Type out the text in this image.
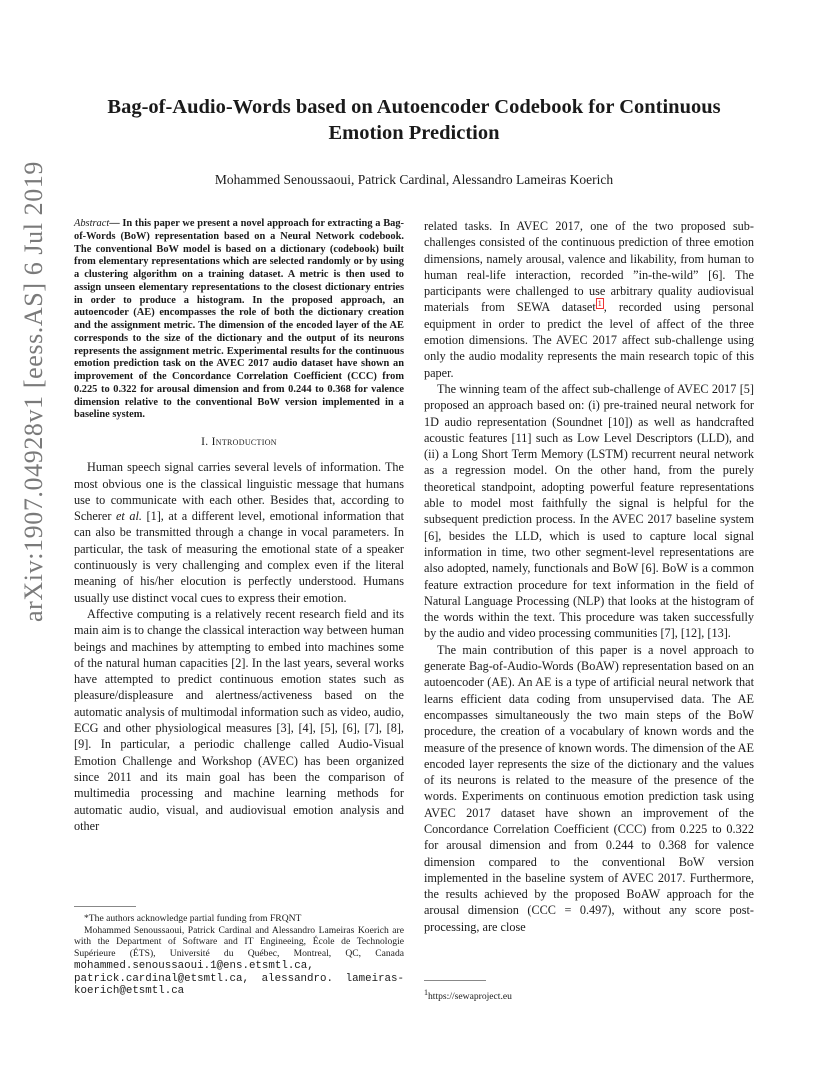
Bag-of-Audio-Words based on Autoencoder Codebook for Continuous
Emotion Prediction
Mohammed Senoussaoui, Patrick Cardinal, Alessandro Lameiras Koerich
arXiv:1907.04928v1 [eess.AS] 6 Jul 2019	Abstract— In this paper we present a novel approach for extracting a Bag-of-Words (BoW) representation based on a Neural Network codebook. The conventional BoW model is based on a dictionary (codebook) built from elementary representations which are selected randomly or by using a clustering algorithm on a training dataset. A metric is then used to assign unseen elementary representations to the closest dictionary entries in order to produce a histogram. In the proposed approach, an autoencoder (AE) encompasses the role of both the dictionary creation and the assignment metric. The dimension of the encoded layer of the AE corresponds to the size of the dictionary and the output of its neurons represents the assignment metric. Experimental results for the continuous emotion prediction task on the AVEC 2017 audio dataset have shown an improvement of the Concordance Correlation Coefficient (CCC) from 0.225 to 0.322 for arousal dimension and from 0.244 to 0.368 for valence dimension relative to the conventional BoW version implemented in a baseline system.
I. Introduction

Human speech signal carries several levels of information. The most obvious one is the classical linguistic message that humans use to communicate with each other. Besides that, according to Scherer et al. [1], at a different level, emotional information that can also be transmitted through a change in vocal parameters. In particular, the task of measuring the emotional state of a speaker continuously is very challenging and complex even if the literal meaning of his/her elocution is perfectly understood. Humans usually use distinct vocal cues to express their emotion.

Affective computing is a relatively recent research field and its main aim is to change the classical interaction way between human beings and machines by attempting to embed into machines some of the natural human capacities [2]. In the last years, several works have attempted to predict continuous emotion states such as pleasure/displeasure and alertness/activeness based on the automatic analysis of multimodal information such as video, audio, ECG and other physiological measures [3], [4], [5], [6], [7], [8], [9]. In particular, a periodic challenge called Audio-Visual Emotion Challenge and Workshop (AVEC) has been organized since 2011 and its main goal has been the comparison of multimedia processing and machine learning methods for automatic audio, visual, and audiovisual emotion analysis and other

*The authors acknowledge partial funding from FRQNT

Mohammed Senoussaoui, Patrick Cardinal and Alessandro Lameiras Koerich are with the Department of Software and IT Engineeing, École de Technologie Supérieure (ÉTS), Université du Québec, Montreal, QC, Canada mohammed.senoussaoui.1@ens.etsmtl.ca, patrick.cardinal@etsmtl.ca, alessandro. lameiras-koerich@etsmtl.ca

related tasks. In AVEC 2017, one of the two proposed sub-challenges consisted of the continuous prediction of three emotion dimensions, namely arousal, valence and likability, from human to human real-life interaction, recorded ”in-the-wild” [6]. The participants were challenged to use arbitrary quality audiovisual materials from SEWA dataset $^1$ , recorded using personal equipment in order to predict the level of affect of the three emotion dimensions. The AVEC 2017 affect sub-challenge using only the audio modality represents the main research topic of this paper.

The winning team of the affect sub-challenge of AVEC 2017 [5] proposed an approach based on: (i) pre-trained neural network for 1D audio representation (Soundnet [10]) as well as handcrafted acoustic features [11] such as Low Level Descriptors (LLD), and (ii) a Long Short Term Memory (LSTM) recurrent neural network as a regression model. On the other hand, from the purely theoretical standpoint, adopting powerful feature representations able to model most faithfully the signal is helpful for the subsequent prediction process. In the AVEC 2017 baseline system [6], besides the LLD, which is used to capture local signal information in time, two other segment-level representations are also adopted, namely, functionals and BoW [6]. BoW is a common feature extraction procedure for text information in the field of Natural Language Processing (NLP) that looks at the histogram of the words within the text. This procedure was taken successfully by the audio and video processing communities [7], [12], [13].

The main contribution of this paper is a novel approach to generate Bag-of-Audio-Words (BoAW) representation based on an autoencoder (AE). An AE is a type of artificial neural network that learns efficient data coding from unsupervised data. The AE encompasses simultaneously the two main steps of the BoW procedure, the creation of a vocabulary of known words and the measure of the presence of known words. The dimension of the AE encoded layer represents the size of the dictionary and the values of its neurons is related to the measure of the presence of the words. Experiments on continuous emotion prediction task using AVEC 2017 dataset have shown an improvement of the Concordance Correlation Coefficient (CCC) from 0.225 to 0.322 for arousal dimension and from 0.244 to 0.368 for valence dimension compared to the conventional BoW version implemented in the baseline system of AVEC 2017. Furthermore, the results achieved by the proposed BoAW approach for the arousal dimension (CCC = 0.497), without any score post-processing, are close

$^1$https://sewaproject.eu
